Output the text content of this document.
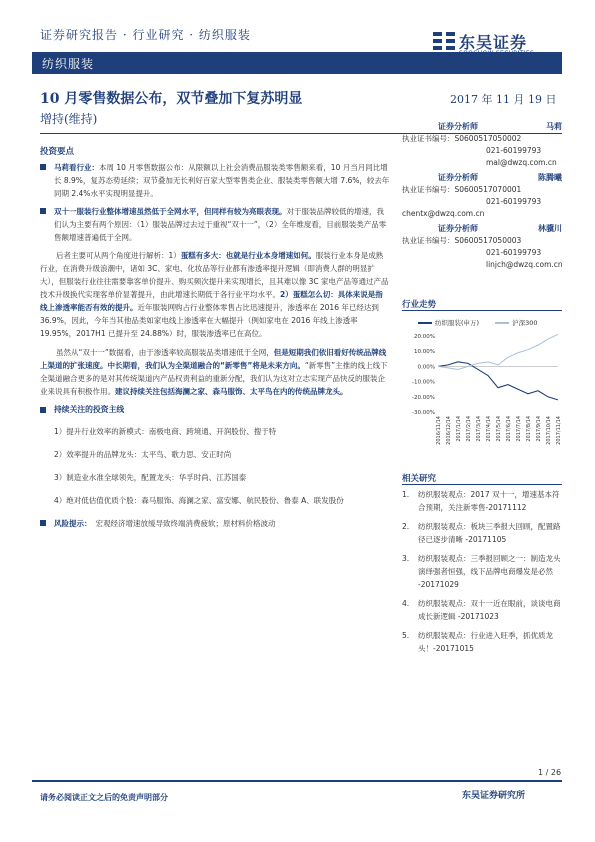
证券研究报告 · 行业研究 · 纺织服装	东吴证券
纺织服装
10 月零售数据公布，双节叠加下复苏明显	2017 年 11 月 19 日
增持(维持)
投资要点
马莉看行业：本周 10 月零售数据公布：从限额以上社会消费品服装类零售额来看，10 月当月同比增长 8.9%，复苏态势延续；双节叠加无长利好百家大型零售类企业、服装类零售额大增 7.6%，较去年同期 2.4%水平实现明显提升。
双十一服装行业整体增速虽然低于全网水平，但同样有较为亮眼表现。对于服装品牌较低的增速，我们认为主要有两个原因：（1）服装品牌过去过于重视“双十一”，（2）全年维度看，目前服装类产品零售额增速普遍低于全网。
后者主要可从两个角度进行解析：1）蛋糕有多大：也就是行业本身增速如何。服装行业本身是成熟行业，在消费升级浪潮中，诸如 3C、家电、化妆品等行业都有渗透率提升逻辑（即消费人群的明显扩大），但服装行业往往需要靠客单价提升、购买频次提升来实现增长，且其难以像 3C 家电产品等通过产品技术升级换代实现客单价显著提升，由此增速长期低于各行业平均水平。2）蛋糕怎么切：具体来说是指线上渗透率能否有效的提升。近年服装网购占行业整体零售占比迅速提升，渗透率在 2016 年已经达到 36.9%，因此，今年当其他品类如家电线上渗透率在大幅提升（例如家电在 2016 年线上渗透率 19.95%，2017H1 已提升至 24.88%）时，服装渗透率已在高位。
虽然从“双十一”数据看，由于渗透率较高服装品类增速低于全网，但是短期我们依旧看好传统品牌线上渠道的扩张速度。中长期看，我们认为全渠道融合的“新零售”将是未来方向。“新零售”主推的线上线下全渠道融合更多的是对其传统渠道内产品权责利益的重新分配，我们认为这对立志实现产品快反的服装企业来说具有积极作用。建议持续关注包括海澜之家、森马服饰、太平鸟在内的传统品牌龙头。
持续关注的投资主线
1）提升行业效率的新模式：南极电商、跨境通、开润股份、搜于特
2）效率提升的品牌龙头：太平鸟、歌力思、安正时尚
3）制造业水准全球领先，配置龙头：华孚时尚、江苏国泰
4）绝对低估值优质个股：森马服饰、海澜之家、富安娜、航民股份、鲁泰 A、联发股份
风险提示： 宏观经济增速放缓导致终端消费疲软；原材料价格波动
证券分析师	马莉
执业证书编号：S0600517050002
021-60199793
mal@dwzq.com.cn
证券分析师	陈腾曦
执业证书编号：S0600517070001
021-60199793
chentx@dwzq.com.cn
证券分析师	林骥川
执业证书编号：S0600517050003
021-60199793
linjch@dwzq.com.cn
行业走势
纺织服装(申万)	沪深300
20.00%
10.00%
0.00%
-10.00%
-20.00%
-30.00%
2016/11/14 2016/12/14 2017/1/14 2017/2/14 2017/3/14 2017/4/14 2017/5/14 2017/6/14 2017/7/14 2017/8/14 2017/9/14 2017/10/14 2017/11/14
相关研究
1.	纺织服装观点：2017 双十一，增速基本符合预期，关注新零售-20171112
2.	纺织服装观点：板块三季报大回顾，配置路径已逐步清晰 -20171105
3.	纺织服装观点：三季报回顾之一：制造龙头演绎强者恒强，线下品牌电商爆发是必然 -20171029
4.	纺织服装观点：双十一近在眼前，谈谈电商成长新逻辑 -20171023
5.	纺织服装观点：行业进入旺季，抓优质龙头！-20171015
1 / 26
请务必阅读正文之后的免责声明部分	东吴证券研究所
